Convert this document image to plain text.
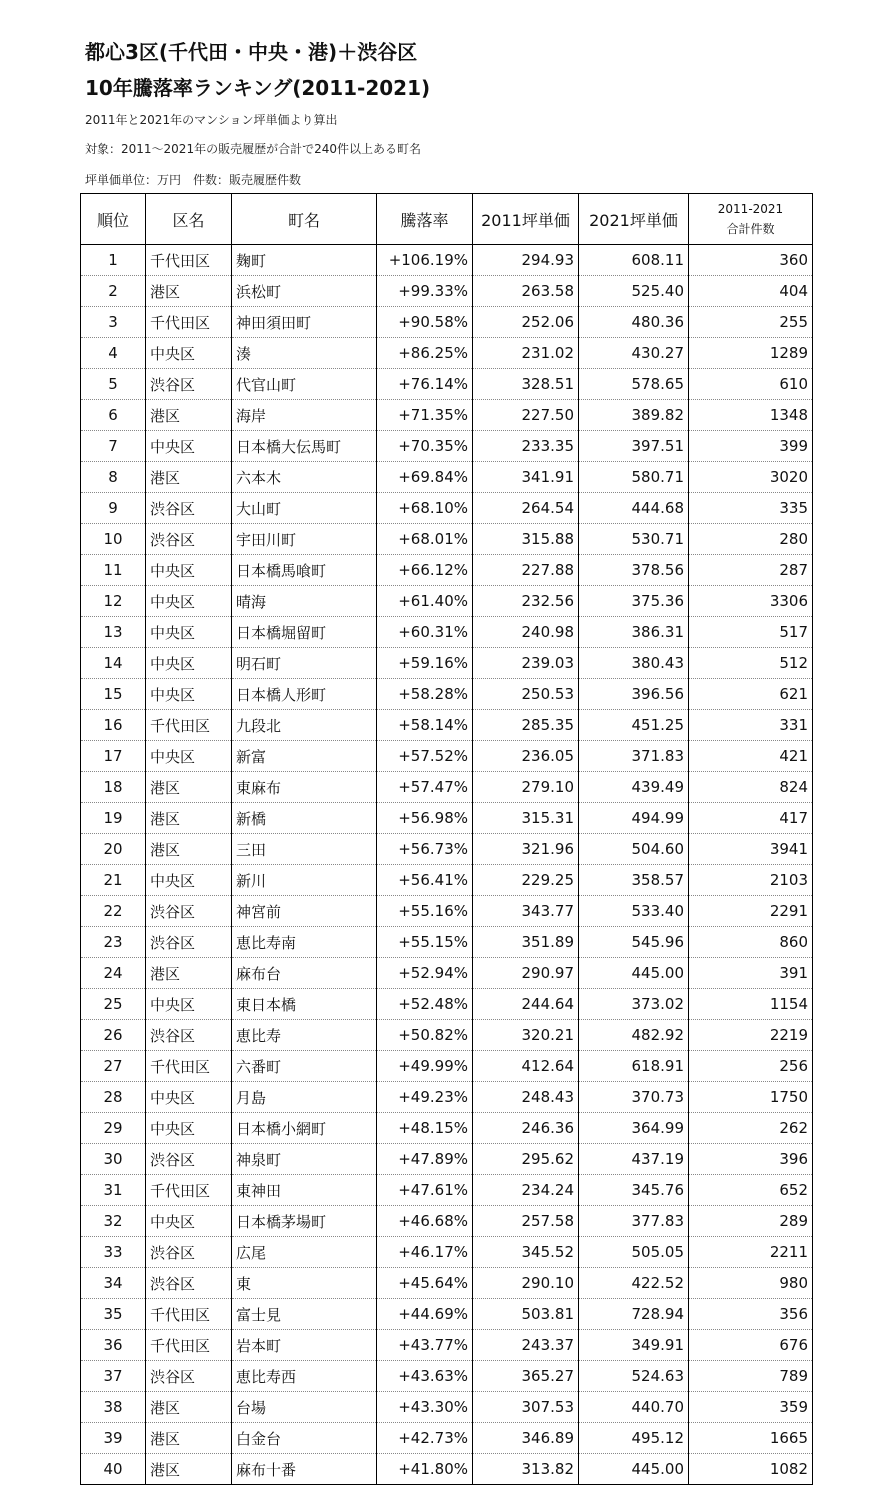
都心3区(千代田・中央・港)＋渋谷区
10年騰落率ランキング(2011-2021)
2011年と2021年のマンション坪単価より算出
対象：2011〜2021年の販売履歴が合計で240件以上ある町名
坪単価単位：万円　件数：販売履歴件数
順位	区名	町名	騰落率	2011坪単価	2021坪単価	2011-2021
合計件数

1	千代田区	麹町	+106.19%	294.93	608.11	360
2	港区	浜松町	+99.33%	263.58	525.40	404
3	千代田区	神田須田町	+90.58%	252.06	480.36	255
4	中央区	湊	+86.25%	231.02	430.27	1289
5	渋谷区	代官山町	+76.14%	328.51	578.65	610
6	港区	海岸	+71.35%	227.50	389.82	1348
7	中央区	日本橋大伝馬町	+70.35%	233.35	397.51	399
8	港区	六本木	+69.84%	341.91	580.71	3020
9	渋谷区	大山町	+68.10%	264.54	444.68	335
10	渋谷区	宇田川町	+68.01%	315.88	530.71	280
11	中央区	日本橋馬喰町	+66.12%	227.88	378.56	287
12	中央区	晴海	+61.40%	232.56	375.36	3306
13	中央区	日本橋堀留町	+60.31%	240.98	386.31	517
14	中央区	明石町	+59.16%	239.03	380.43	512
15	中央区	日本橋人形町	+58.28%	250.53	396.56	621
16	千代田区	九段北	+58.14%	285.35	451.25	331
17	中央区	新富	+57.52%	236.05	371.83	421
18	港区	東麻布	+57.47%	279.10	439.49	824
19	港区	新橋	+56.98%	315.31	494.99	417
20	港区	三田	+56.73%	321.96	504.60	3941
21	中央区	新川	+56.41%	229.25	358.57	2103
22	渋谷区	神宮前	+55.16%	343.77	533.40	2291
23	渋谷区	恵比寿南	+55.15%	351.89	545.96	860
24	港区	麻布台	+52.94%	290.97	445.00	391
25	中央区	東日本橋	+52.48%	244.64	373.02	1154
26	渋谷区	恵比寿	+50.82%	320.21	482.92	2219
27	千代田区	六番町	+49.99%	412.64	618.91	256
28	中央区	月島	+49.23%	248.43	370.73	1750
29	中央区	日本橋小網町	+48.15%	246.36	364.99	262
30	渋谷区	神泉町	+47.89%	295.62	437.19	396
31	千代田区	東神田	+47.61%	234.24	345.76	652
32	中央区	日本橋茅場町	+46.68%	257.58	377.83	289
33	渋谷区	広尾	+46.17%	345.52	505.05	2211
34	渋谷区	東	+45.64%	290.10	422.52	980
35	千代田区	富士見	+44.69%	503.81	728.94	356
36	千代田区	岩本町	+43.77%	243.37	349.91	676
37	渋谷区	恵比寿西	+43.63%	365.27	524.63	789
38	港区	台場	+43.30%	307.53	440.70	359
39	港区	白金台	+42.73%	346.89	495.12	1665
40	港区	麻布十番	+41.80%	313.82	445.00	1082
